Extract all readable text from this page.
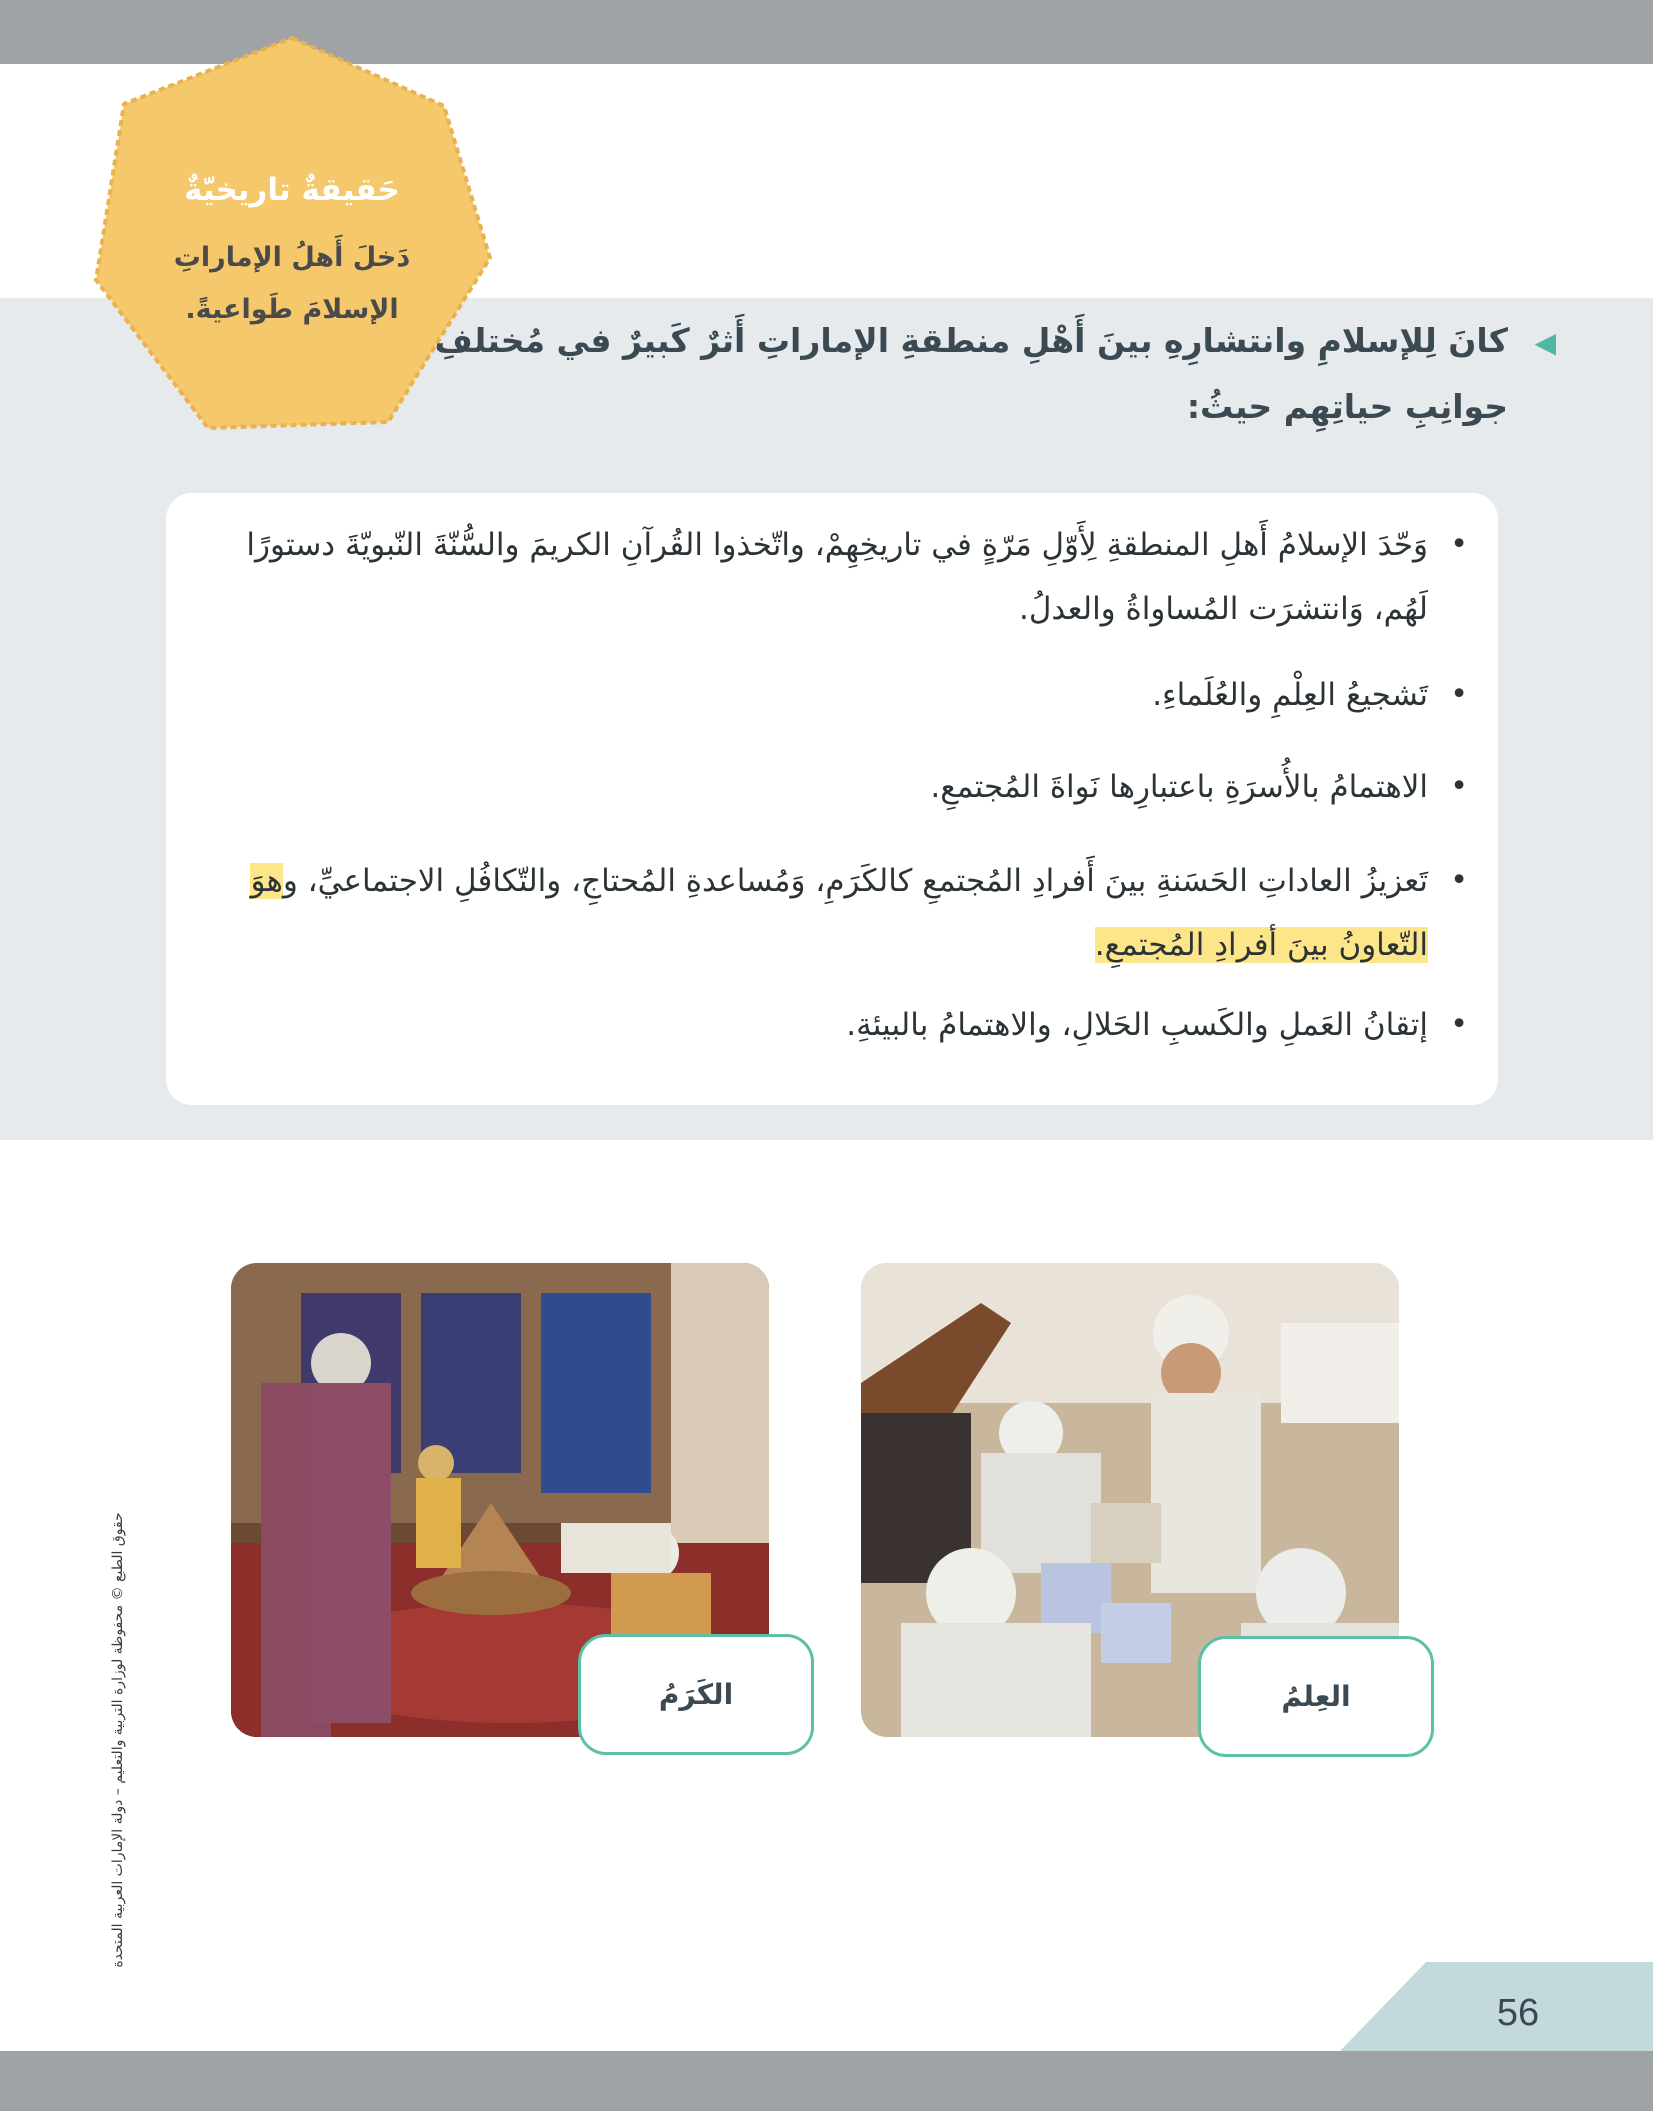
حَقيقةٌ تاريخيّةٌ
دَخلَ أَهلُ الإماراتِ الإسلامَ طَواعيةً.
◀
كانَ لِلإسلامِ وانتشارِهِ بينَ أَهْلِ منطقةِ الإماراتِ أَثرٌ كَبيرٌ في مُختلفِ جوانِبِ حياتِهِم حيثُ:
•
وَحّدَ الإسلامُ أَهلِ المنطقةِ لِأَوّلِ مَرّةٍ في تاريخِهِمْ، واتّخذوا القُرآنِ الكريمَ والسُّنّةَ النّبويّةَ دستورًا لَهُم، وَانتشرَت المُساواةُ والعدلُ.
•
تَشجيعُ العِلْمِ والعُلَماءِ.
•
الاهتمامُ بالأُسرَةِ باعتبارِها نَواةَ المُجتمعِ.
•
تَعزيزُ العاداتِ الحَسَنةِ بينَ أَفرادِ المُجتمعِ كالكَرَمِ، وَمُساعدةِ المُحتاجِ، والتّكافُلِ الاجتماعيِّ، وهوَ التّعاونُ بينَ أفرادِ المُجتمعِ.
•
إتقانُ العَملِ والكَسبِ الحَلالِ، والاهتمامُ بالبيئةِ.
الكَرَمُ	العِلمُ
حقوق الطبع © محفوظة لوزارة التربية والتعليم – دولة الإمارات العربية المتحدة
56
